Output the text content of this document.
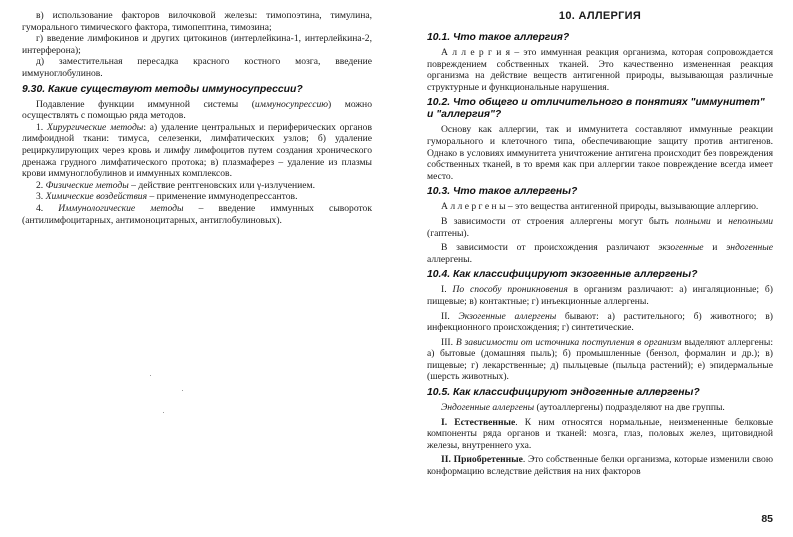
в) использование факторов вилочковой железы: тимопоэтина, тимулина, гуморального тимического фактора, тимопептина, тимозина;

г) введение лимфокинов и других цитокинов (интерлейкина-1, интерлейкина-2, интерферона);

д) заместительная пересадка красного костного мозга, введение иммуноглобулинов.

9.30. Какие существуют методы иммуносупрессии?

Подавление функции иммунной системы (иммуносупрессию) можно осуществлять с помощью ряда методов.

1. Хирургические методы: а) удаление центральных и периферических органов лимфоидной ткани: тимуса, селезенки, лимфатических узлов; б) удаление рециркулирующих через кровь и лимфу лимфоцитов путем создания хронического дренажа грудного лимфатического протока; в) плазмаферез – удаление из плазмы крови иммуноглобулинов и иммунных комплексов.

2. Физические методы – действие рентгеновских или γ-излучением.

3. Химические воздействия – применение иммунодепрессантов.

4. Иммунологические методы – введение иммунных сывороток (антилимфоцитарных, антимоноцитарных, антиглобулиновых).

10. АЛЛЕРГИЯ
10.1. Что такое аллергия?

А л л е р г и я – это иммунная реакция организма, которая сопровождается повреждением собственных тканей. Это качественно измененная реакция организма на действие веществ антигенной природы, вызывающая различные структурные и функциональные нарушения.

10.2. Что общего и отличительного в понятиях "иммунитет" и "аллергия"?

Основу как аллергии, так и иммунитета составляют иммунные реакции гуморального и клеточного типа, обеспечивающие защиту против антигенов. Однако в условиях иммунитета уничтожение антигена происходит без повреждения собственных тканей, в то время как при аллергии такое повреждение всегда имеет место.

10.3. Что такое аллергены?

А л л е р г е н ы – это вещества антигенной природы, вызывающие аллергию.

В зависимости от строения аллергены могут быть полными и неполными (гаптены).

В зависимости от происхождения различают экзогенные и эндогенные аллергены.

10.4. Как классифицируют экзогенные аллергены?

I. По способу проникновения в организм различают: а) ингаляционные; б) пищевые; в) контактные; г) инъекционные аллергены.

II. Экзогенные аллергены бывают: а) растительного; б) животного; в) инфекционного происхождения; г) синтетические.

III. В зависимости от источника поступления в организм выделяют аллергены: а) бытовые (домашняя пыль); б) промышленные (бензол, формалин и др.); в) пищевые; г) лекарственные; д) пыльцевые (пыльца растений); е) эпидермальные (шерсть животных).

10.5. Как классифицируют эндогенные аллергены?

Эндогенные аллергены (аутоаллергены) подразделяют на две группы.

I. Естественные. К ним относятся нормальные, неизмененные белковые компоненты ряда органов и тканей: мозга, глаз, половых желез, щитовидной железы, внутреннего уха.

II. Приобретенные. Это собственные белки организма, которые изменили свою конформацию вследствие действия на них факторов

85
